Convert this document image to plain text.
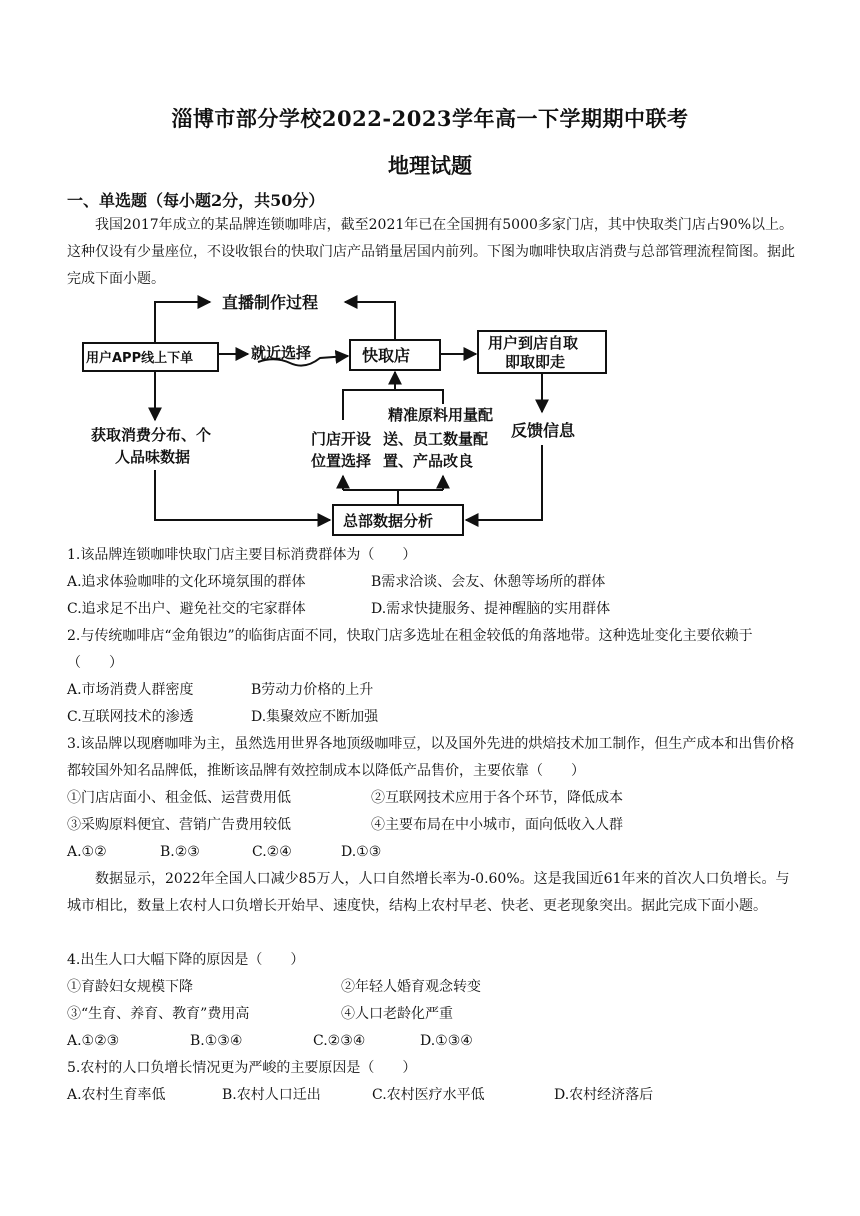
淄博市部分学校2022-2023学年高一下学期期中联考
地理试题
一、单选题（每小题2分，共50分）
我国2017年成立的某品牌连锁咖啡店，截至2021年已在全国拥有5000多家门店，其中快取类门店占90%以上。这种仅设有少量座位，不设收银台的快取门店产品销量居国内前列。下图为咖啡快取店消费与总部管理流程简图。据此完成下面小题。
直播制作过程
用户APP线上下单	就近选择	快取店
用户到店自取
即取即走
获取消费分布、个
人品味数据
精准原料用量配
门店开设 送、员工数量配
位置选择 置、产品改良
反馈信息
总部数据分析
1.该品牌连锁咖啡快取门店主要目标消费群体为（　　）
A.追求体验咖啡的文化环境氛围的群体	B需求洽谈、会友、休憩等场所的群体
C.追求足不出户、避免社交的宅家群体	D.需求快捷服务、提神醒脑的实用群体
2.与传统咖啡店“金角银边”的临街店面不同，快取门店多选址在租金较低的角落地带。这种选址变化主要依赖于（　　）
A.市场消费人群密度	B劳动力价格的上升
C.互联网技术的渗透	D.集聚效应不断加强
3.该品牌以现磨咖啡为主，虽然选用世界各地顶级咖啡豆，以及国外先进的烘焙技术加工制作，但生产成本和出售价格都较国外知名品牌低，推断该品牌有效控制成本以降低产品售价，主要依靠（　　）
①门店店面小、租金低、运营费用低	②互联网技术应用于各个环节，降低成本
③采购原料便宜、营销广告费用较低	④主要布局在中小城市，面向低收入人群
A.①②	B.②③	C.②④	D.①③
数据显示，2022年全国人口减少85万人，人口自然增长率为-0.60%。这是我国近61年来的首次人口负增长。与城市相比，数量上农村人口负增长开始早、速度快，结构上农村早老、快老、更老现象突出。据此完成下面小题。
4.出生人口大幅下降的原因是（　　）
①育龄妇女规模下降	②年轻人婚育观念转变
③“生育、养育、教育”费用高	④人口老龄化严重
A.①②③	B.①③④	C.②③④	D.①③④
5.农村的人口负增长情况更为严峻的主要原因是（　　）
A.农村生育率低	B.农村人口迁出	C.农村医疗水平低	D.农村经济落后
